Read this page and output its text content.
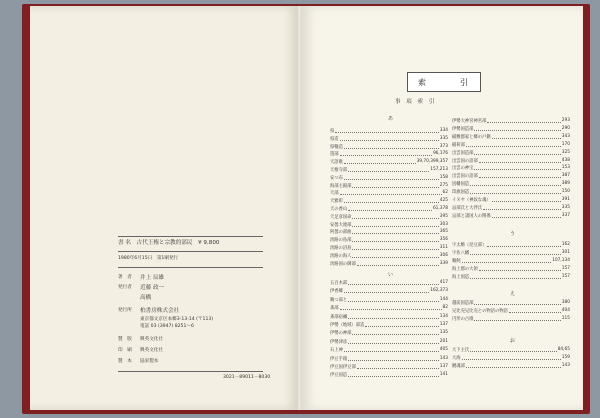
書 名　古代王権と宗教的部民　¥ 9,800
1980年6月15日　第1刷発行
著　者	井上 辰雄
発行者	近藤 政一
高橋　
発行所	柏書房株式会社
東京都文京区本郷3-13-14 (〒113)
電話 03 (3947) 8251〜6
製　版	興英文化社
印　刷	興英文化社
製　本	協栄製本
3021－89011－8030
索	引
事 項 索 引
あ
県	334
県造	335
県犠造	373
遊部	96,176
天語歌	39,70,399,357
天椎寺部	157,213
安つ布	158
海部主殿部	275
天部	62
天雅彰	425
天の香山	61,378
天足彦国命	395
安曇大連部	303
阿曇の部曲	365
淡路の島部	356
淡路の沼島	311
淡路の海人	306
淡路国の御部	339
い
五百木部	417
伊香郷	162,373
鵜つ部と	144
斎部	82
斎部宿禰	134
伊勢（地域）部造	137
伊勢の神部	135
伊勢津彦	201
石上神	405
伊豆手箱	143
伊豆国伊豆部	137
伊豆国造	141
伊勢大神宮神宮部	293
伊勢国造部	290
稲敷郡家と郷の戸籍	343
稲荷部	170
出雲国造部	325
出雲国の語部	438
出雲の神宝	153
出雲国の語部	387
因幡国造	389
印旗国造	150
イヌヤ（神奴な魂）	391
忌部氏と大伴氏	335
忌部と諸国人の関係	337
う
宇太駒（昆豆部）	162
宇佐八幡	301
鵜飼	107,134
海上郡の大領	157
海上国造	157
え
越前国造部	380
兄比売兄比売との物語の物語	404
円形の古墳	115
お
大下主氏	84,65
大海	159
鯉魂部	143
